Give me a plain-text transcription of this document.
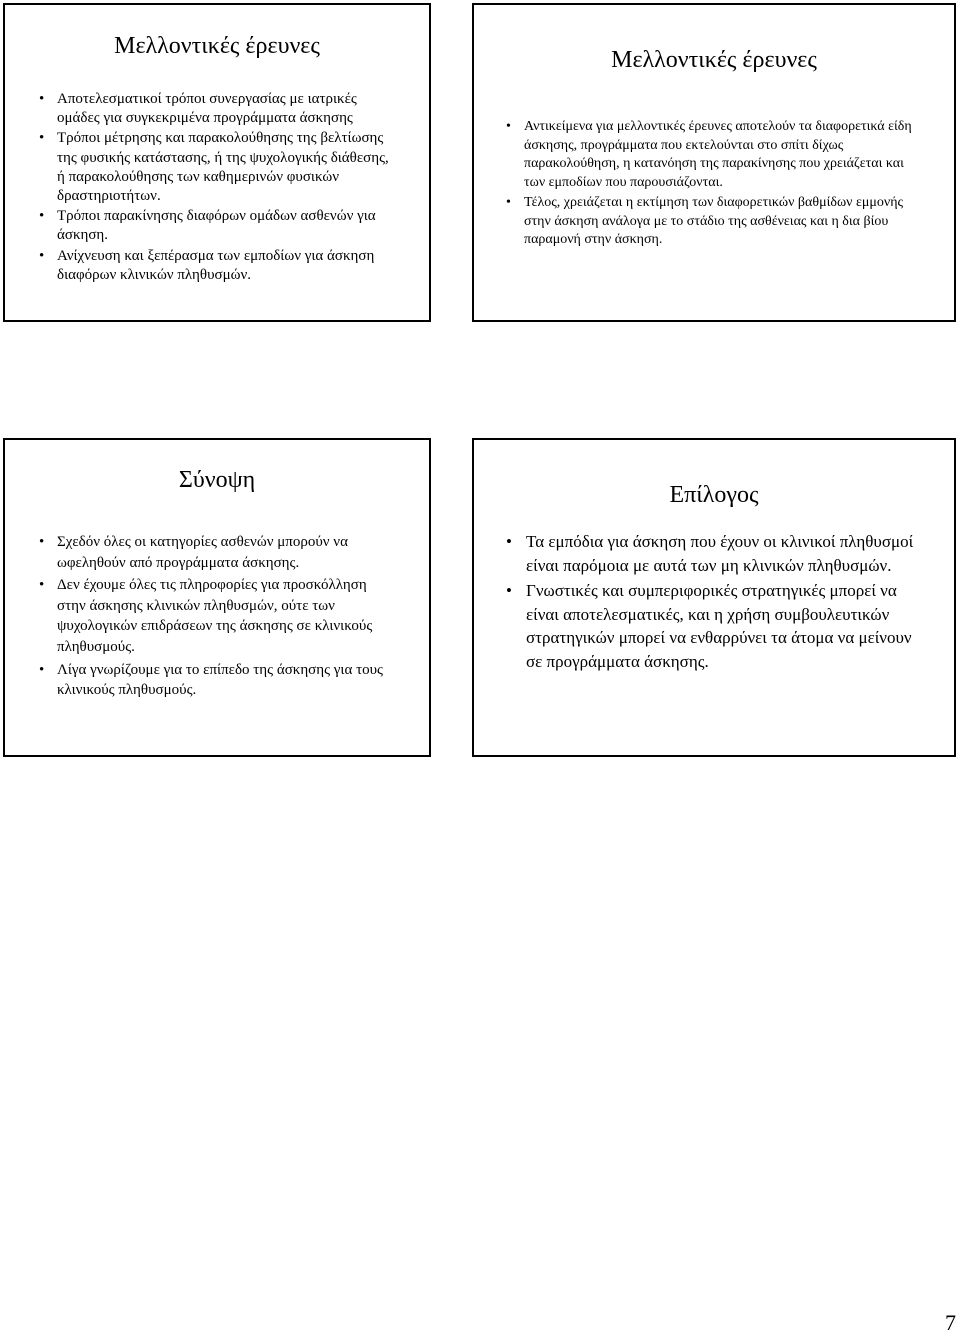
Μελλοντικές έρευνες
• Αποτελεσματικοί τρόποι συνεργασίας με ιατρικές ομάδες για συγκεκριμένα προγράμματα άσκησης
• Τρόποι μέτρησης και παρακολούθησης της βελτίωσης της φυσικής κατάστασης, ή της ψυχολογικής διάθεσης, ή παρακολούθησης των καθημερινών φυσικών δραστηριοτήτων.
• Τρόποι παρακίνησης διαφόρων ομάδων ασθενών για άσκηση.
• Ανίχνευση και ξεπέρασμα των εμποδίων για άσκηση διαφόρων κλινικών πληθυσμών.
Μελλοντικές έρευνες
• Αντικείμενα για μελλοντικές έρευνες αποτελούν τα διαφορετικά είδη άσκησης, προγράμματα που εκτελούνται στο σπίτι δίχως παρακολούθηση, η κατανόηση της παρακίνησης που χρειάζεται και των εμποδίων που παρουσιάζονται.
• Τέλος, χρειάζεται η εκτίμηση των διαφορετικών βαθμίδων εμμονής στην άσκηση ανάλογα με το στάδιο της ασθένειας και η δια βίου παραμονή στην άσκηση.
Σύνοψη
• Σχεδόν όλες οι κατηγορίες ασθενών μπορούν να ωφεληθούν από προγράμματα άσκησης.
• Δεν έχουμε όλες τις πληροφορίες για προσκόλληση στην άσκησης κλινικών πληθυσμών, ούτε των ψυχολογικών επιδράσεων της άσκησης σε κλινικούς πληθυσμούς.
• Λίγα γνωρίζουμε για το επίπεδο της άσκησης για τους κλινικούς πληθυσμούς.
Επίλογος
• Τα εμπόδια για άσκηση που έχουν οι κλινικοί πληθυσμοί είναι παρόμοια με αυτά των μη κλινικών πληθυσμών.
• Γνωστικές και συμπεριφορικές στρατηγικές μπορεί να είναι αποτελεσματικές, και η χρήση συμβουλευτικών στρατηγικών μπορεί να ενθαρρύνει τα άτομα να μείνουν σε προγράμματα άσκησης.
7
